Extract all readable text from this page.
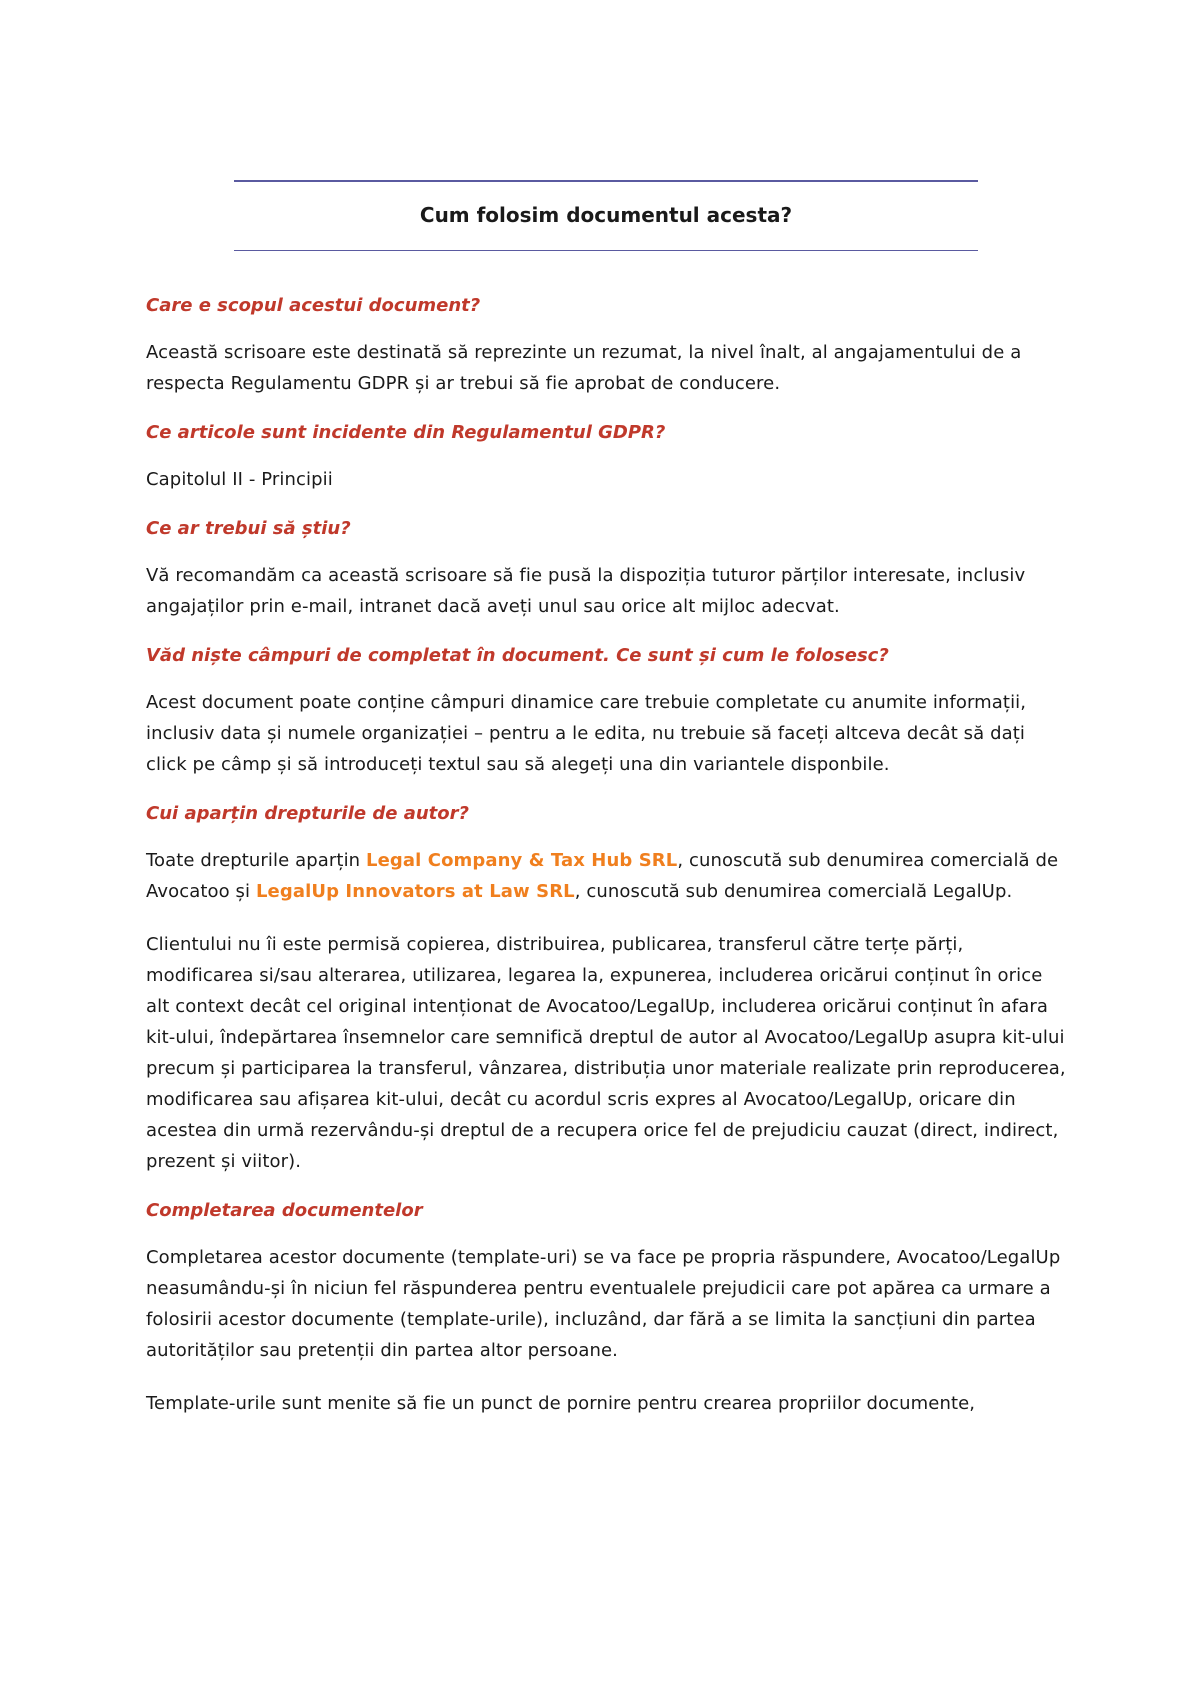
Cum folosim documentul acesta?
Care e scopul acestui document?
Această scrisoare este destinată să reprezinte un rezumat, la nivel înalt, al angajamentului de a respecta Regulamentu GDPR și ar trebui să fie aprobat de conducere.
Ce articole sunt incidente din Regulamentul GDPR?
Capitolul II - Principii
Ce ar trebui să știu?
Vă recomandăm ca această scrisoare să fie pusă la dispoziția tuturor părților interesate, inclusiv angajaților prin e-mail, intranet dacă aveți unul sau orice alt mijloc adecvat.
Văd niște câmpuri de completat în document. Ce sunt și cum le folosesc?
Acest document poate conține câmpuri dinamice care trebuie completate cu anumite informații, inclusiv data și numele organizației – pentru a le edita, nu trebuie să faceți altceva decât să dați click pe câmp și să introduceți textul sau să alegeți una din variantele disponbile.
Cui aparțin drepturile de autor?
Toate drepturile aparțin Legal Company & Tax Hub SRL, cunoscută sub denumirea comercială de Avocatoo și LegalUp Innovators at Law SRL, cunoscută sub denumirea comercială LegalUp.
Clientului nu îi este permisă copierea, distribuirea, publicarea, transferul către terțe părți, modificarea si/sau alterarea, utilizarea, legarea la, expunerea, includerea oricărui conținut în orice alt context decât cel original intenționat de Avocatoo/LegalUp, includerea oricărui conținut în afara kit-ului, îndepărtarea însemnelor care semnifică dreptul de autor al Avocatoo/LegalUp asupra kit-ului precum și participarea la transferul, vânzarea, distribuția unor materiale realizate prin reproducerea, modificarea sau afișarea kit-ului, decât cu acordul scris expres al Avocatoo/LegalUp, oricare din acestea din urmă rezervându-și dreptul de a recupera orice fel de prejudiciu cauzat (direct, indirect, prezent și viitor).
Completarea documentelor
Completarea acestor documente (template-uri) se va face pe propria răspundere, Avocatoo/LegalUp neasumându-și în niciun fel răspunderea pentru eventualele prejudicii care pot apărea ca urmare a folosirii acestor documente (template-urile), incluzând, dar fără a se limita la sancțiuni din partea autorităților sau pretenții din partea altor persoane.
Template-urile sunt menite să fie un punct de pornire pentru crearea propriilor documente,
